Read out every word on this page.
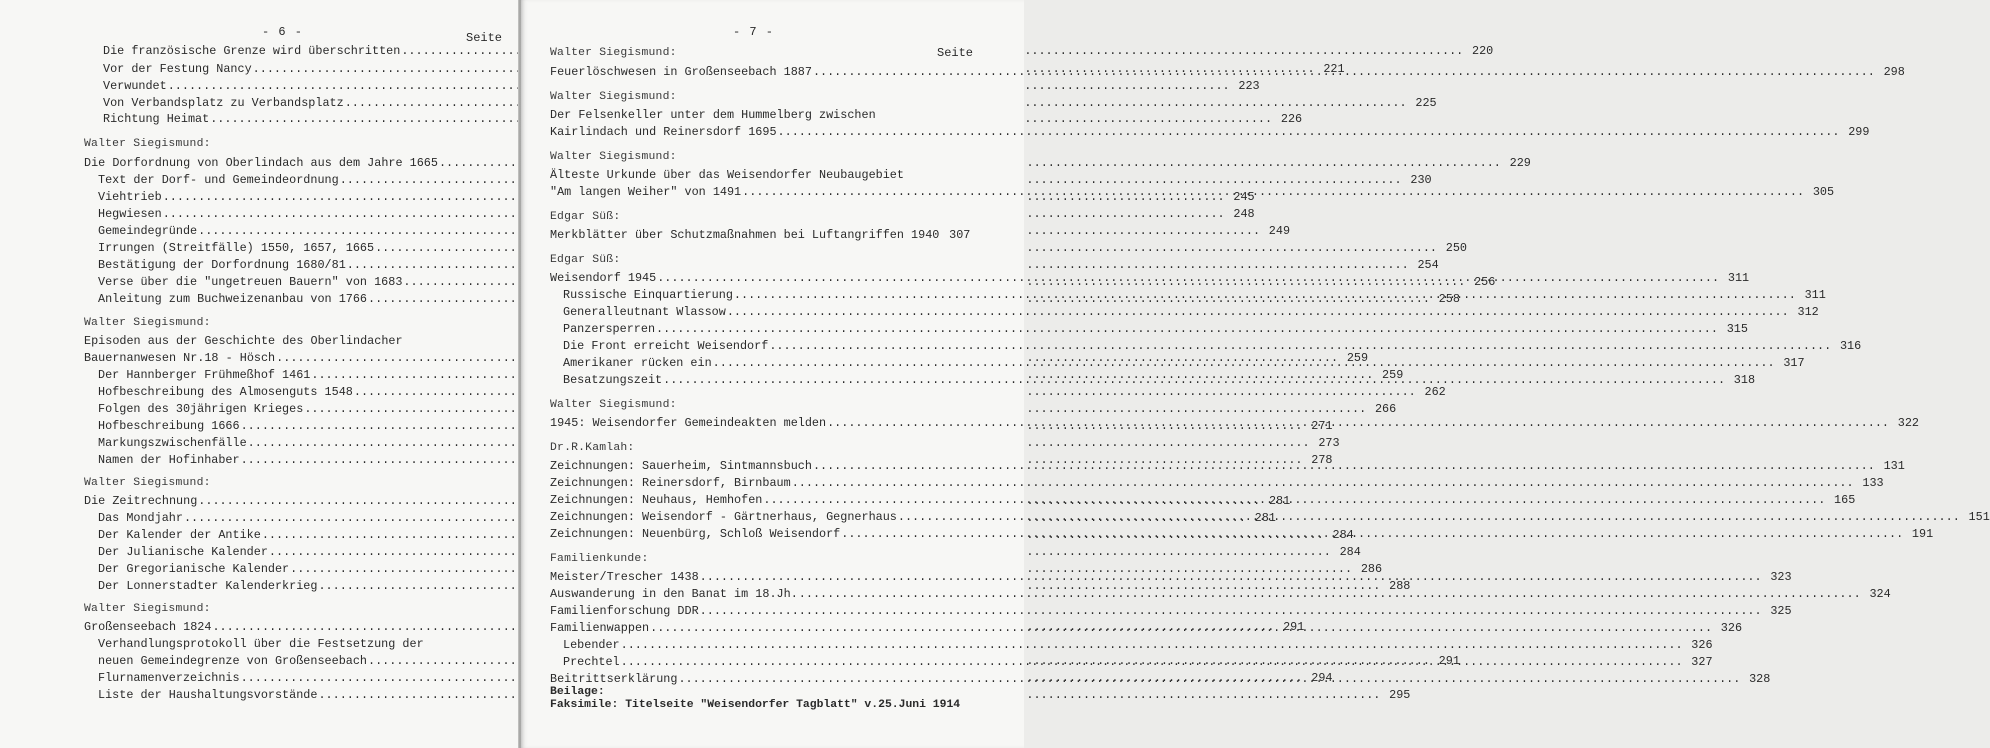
- 6 -	Seite
Die französische Grenze wird überschritten .....	220
Vor der Festung Nancy .....	221
Verwundet .....	223
Von Verbandsplatz zu Verbandsplatz .....	225
Richtung Heimat .....	226
Walter Siegismund:
Die Dorfordnung von Oberlindach aus dem Jahre 1665 .....	229
Text der Dorf- und Gemeindeordnung .....	230
Viehtrieb .....	245
Hegwiesen .....	248
Gemeindegründe .....	249
Irrungen (Streitfälle) 1550, 1657, 1665 .....	250
Bestätigung der Dorfordnung 1680/81 .....	254
Verse über die "ungetreuen Bauern" von 1683 .....	256
Anleitung zum Buchweizenanbau von 1766 .....	258
Walter Siegismund:
Episoden aus der Geschichte des Oberlindacher
Bauernanwesen Nr.18 - Hösch .....	259
Der Hannberger Frühmeßhof 1461 .....	259
Hofbeschreibung des Almosenguts 1548 .....	262
Folgen des 30jährigen Krieges .....	266
Hofbeschreibung 1666 .....	271
Markungszwischenfälle .....	273
Namen der Hofinhaber .....	278
Walter Siegismund:
Die Zeitrechnung .....	281
Das Mondjahr .....	281
Der Kalender der Antike .....	284
Der Julianische Kalender .....	284
Der Gregorianische Kalender .....	286
Der Lonnerstadter Kalenderkrieg .....	288
Walter Siegismund:
Großenseebach 1824 .....	291
Verhandlungsprotokoll über die Festsetzung der
neuen Gemeindegrenze von Großenseebach .....	291
Flurnamenverzeichnis .....	294
Liste der Haushaltungsvorstände .....	295
- 7 -
Seite
Walter Siegismund:
Feuerlöschwesen in Großenseebach 1887 .....	298
Walter Siegismund:
Der Felsenkeller unter dem Hummelberg zwischen
Kairlindach und Reinersdorf 1695 .....	299
Walter Siegismund:
Älteste Urkunde über das Weisendorfer Neubaugebiet
"Am langen Weiher" von 1491 .....	305
Edgar Süß:
Merkblätter über Schutzmaßnahmen bei Luftangriffen 1940 307
Edgar Süß:
Weisendorf 1945 .....	311
Russische Einquartierung .....	311
Generalleutnant Wlassow .....	312
Panzersperren .....	315
Die Front erreicht Weisendorf .....	316
Amerikaner rücken ein .....	317
Besatzungszeit .....	318
Walter Siegismund:
1945: Weisendorfer Gemeindeakten melden .....	322
Dr.R.Kamlah:
Zeichnungen: Sauerheim, Sintmannsbuch .....	131
Zeichnungen: Reinersdorf, Birnbaum .....	133
Zeichnungen: Neuhaus, Hemhofen .....	165
Zeichnungen: Weisendorf - Gärtnerhaus, Gegnerhaus .....	151
Zeichnungen: Neuenbürg, Schloß Weisendorf .....	191
Familienkunde:
Meister/Trescher 1438 .....	323
Auswanderung in den Banat im 18.Jh. .....	324
Familienforschung DDR .....	325
Familienwappen .....	326
Lebender .....	326
Prechtel .....	327
Beitrittserklärung .....	328
Beilage:
Faksimile: Titelseite "Weisendorfer Tagblatt" v.25.Juni 1914
